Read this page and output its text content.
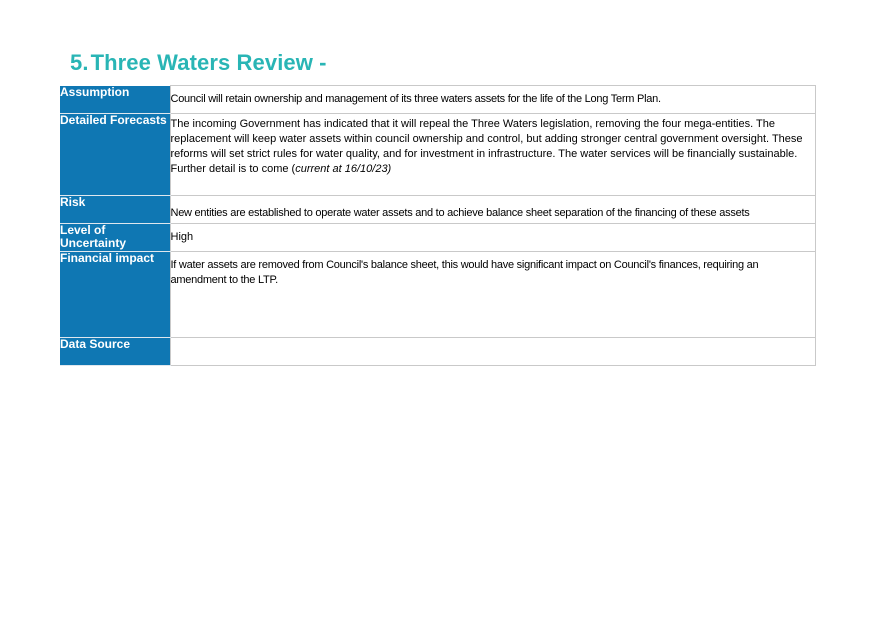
5.Three Waters Review -
Assumption	Council will retain ownership and management of its three waters assets for the life of the Long Term Plan.
Detailed Forecasts	The incoming Government has indicated that it will repeal the Three Waters legislation, removing the four mega-entities. The replacement will keep water assets within council ownership and control, but adding stronger central government oversight. These reforms will set strict rules for water quality, and for investment in infrastructure. The water services will be financially sustainable. Further detail is to come (current at 16/10/23)
Risk	New entities are established to operate water assets and to achieve balance sheet separation of the financing of these assets
Level of Uncertainty	High
Financial impact	If water assets are removed from Council's balance sheet, this would have significant impact on Council's finances, requiring an amendment to the LTP.
Data Source	
